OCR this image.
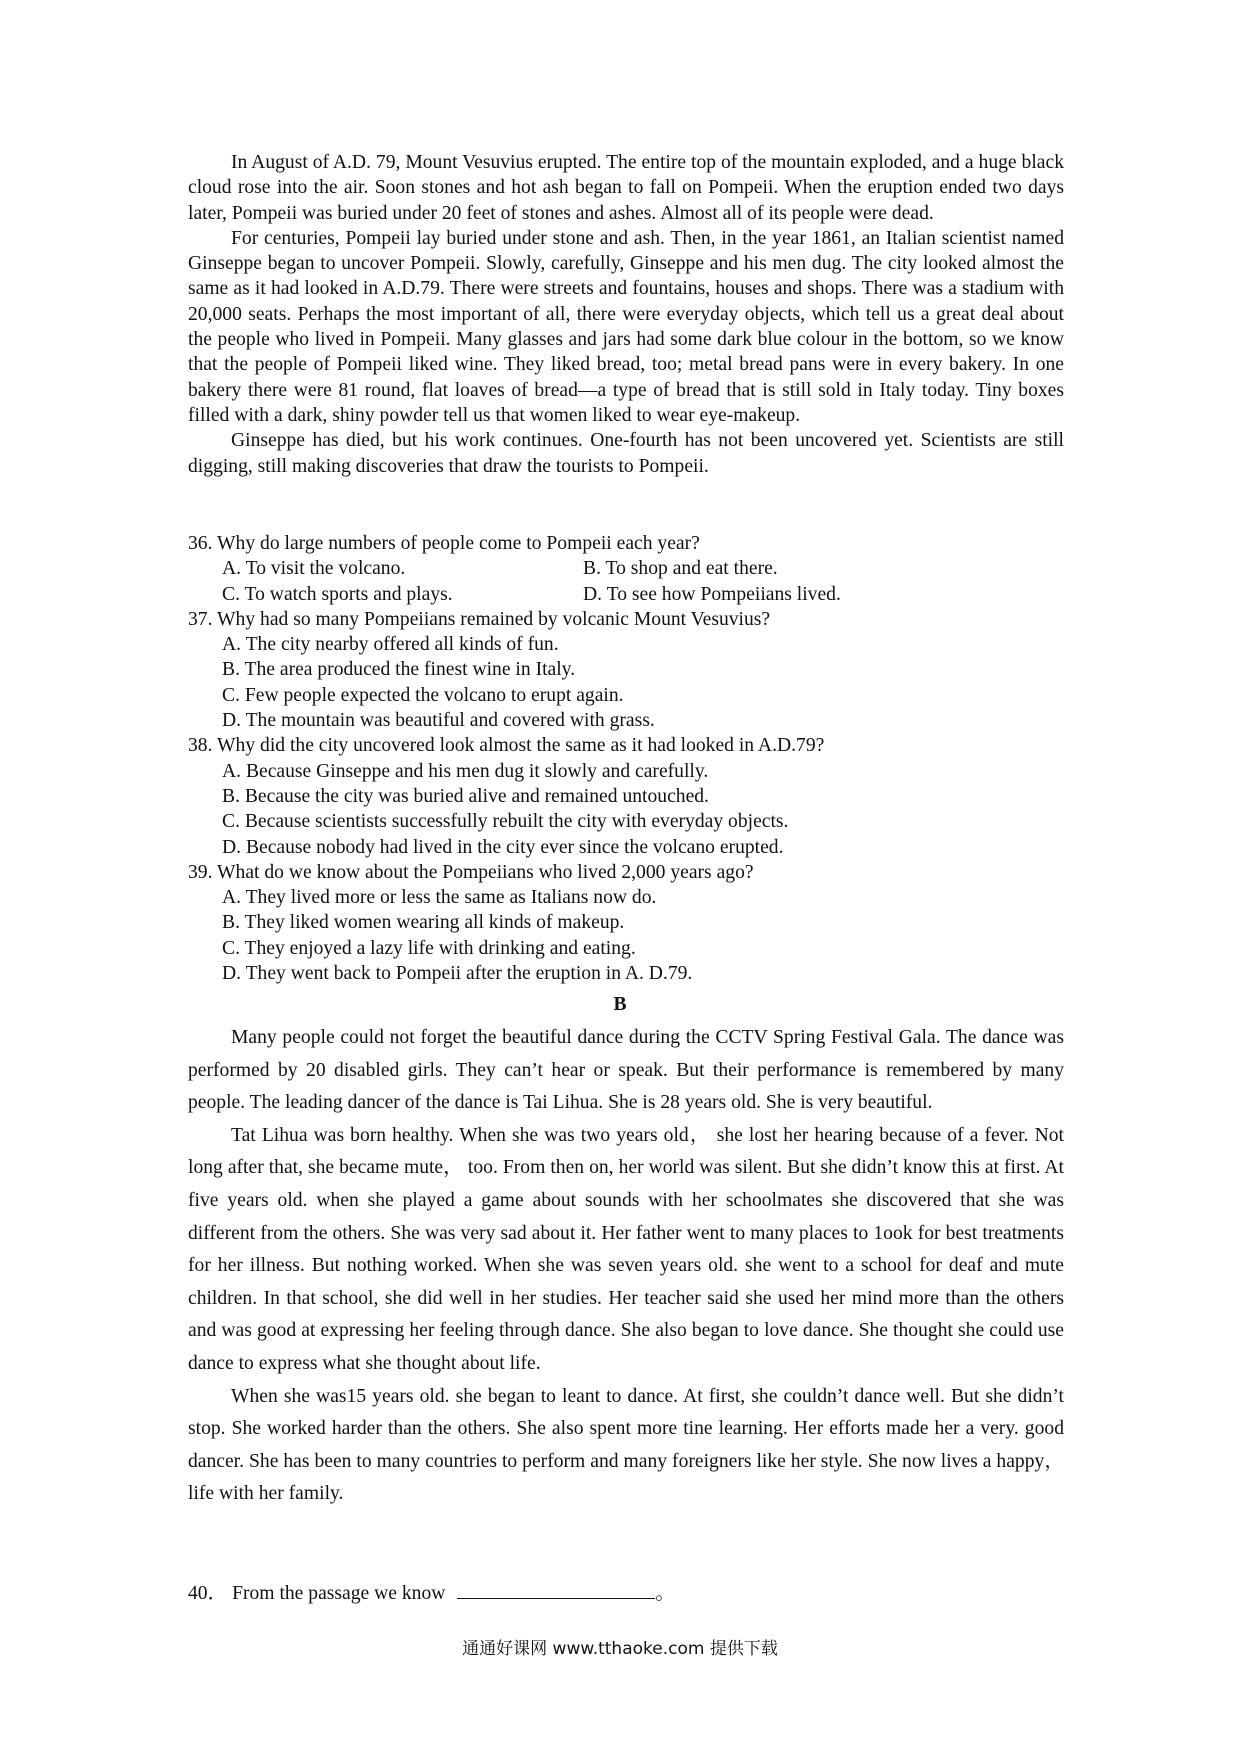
In August of A.D. 79, Mount Vesuvius erupted. The entire top of the mountain exploded, and a huge black cloud rose into the air. Soon stones and hot ash began to fall on Pompeii. When the eruption ended two days later, Pompeii was buried under 20 feet of stones and ashes. Almost all of its people were dead.

For centuries, Pompeii lay buried under stone and ash. Then, in the year 1861, an Italian scientist named Ginseppe began to uncover Pompeii. Slowly, carefully, Ginseppe and his men dug. The city looked almost the same as it had looked in A.D.79. There were streets and fountains, houses and shops. There was a stadium with 20,000 seats. Perhaps the most important of all, there were everyday objects, which tell us a great deal about the people who lived in Pompeii. Many glasses and jars had some dark blue colour in the bottom, so we know that the people of Pompeii liked wine. They liked bread, too; metal bread pans were in every bakery. In one bakery there were 81 round, flat loaves of bread—a type of bread that is still sold in Italy today. Tiny boxes filled with a dark, shiny powder tell us that women liked to wear eye-makeup.

Ginseppe has died, but his work continues. One-fourth has not been uncovered yet. Scientists are still digging, still making discoveries that draw the tourists to Pompeii.

36. Why do large numbers of people come to Pompeii each year?

A. To visit the volcano.	B. To shop and eat there.

C. To watch sports and plays.	D. To see how Pompeiians lived.

37. Why had so many Pompeiians remained by volcanic Mount Vesuvius?

A. The city nearby offered all kinds of fun.

B. The area produced the finest wine in Italy.

C. Few people expected the volcano to erupt again.

D. The mountain was beautiful and covered with grass.

38. Why did the city uncovered look almost the same as it had looked in A.D.79?

A. Because Ginseppe and his men dug it slowly and carefully.

B. Because the city was buried alive and remained untouched.

C. Because scientists successfully rebuilt the city with everyday objects.

D. Because nobody had lived in the city ever since the volcano erupted.

39. What do we know about the Pompeiians who lived 2,000 years ago?

A. They lived more or less the same as Italians now do.

B. They liked women wearing all kinds of makeup.

C. They enjoyed a lazy life with drinking and eating.

D. They went back to Pompeii after the eruption in A. D.79.

B

Many people could not forget the beautiful dance during the CCTV Spring Festival Gala. The dance was performed by 20 disabled girls. They can’t hear or speak. But their performance is remembered by many people. The leading dancer of the dance is Tai Lihua. She is 28 years old. She is very beautiful.

Tat Lihua was born healthy. When she was two years old， she lost her hearing because of a fever. Not long after that, she became mute， too. From then on, her world was silent. But she didn’t know this at first. At five years old. when she played a game about sounds with her schoolmates she discovered that she was different from the others. She was very sad about it. Her father went to many places to 1ook for best treatments for her illness. But nothing worked. When she was seven years old. she went to a school for deaf and mute children. In that school, she did well in her studies. Her teacher said she used her mind more than the others and was good at expressing her feeling through dance. She also began to love dance. She thought she could use dance to express what she thought about life.

When she was15 years old. she began to leant to dance. At first, she couldn’t dance well. But she didn’t stop. She worked harder than the others. She also spent more tine learning. Her efforts made her a very. good dancer. She has been to many countries to perform and many foreigners like her style. She now lives a happy， life with her family.

40． From the passage we know	。
通通好课网 www.tthaoke.com 提供下载
